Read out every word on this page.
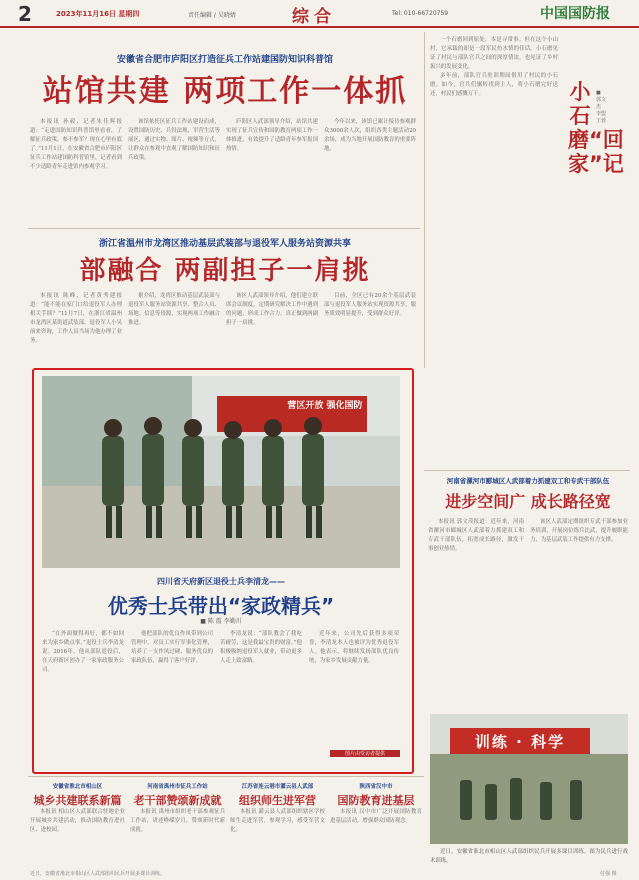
2	2023年11月16日 星期四	责任编辑 / 吴晓婧	综合	Tel: 010-66720759	中国国防报
安徽省合肥市庐阳区打造征兵工作站建国防知识科普馆
站馆共建 两项工作一体抓

本报讯 孙毅、记者朱佳辉报道：“走进国防知识科普馆里看看，了解征兵政策，参不参军？现在心里有底了。”11月1日，在安徽省合肥市庐阳区征兵工作站建国防科普馆里，记者看到不少适龄青年走进馆内参观学习。

该馆依托区征兵工作站建设而成，设置国防历史、兵役法规、军营生活等展区，通过实物、图片、视频等方式，让群众在参观中直观了解国防知识和征兵政策。

庐阳区人武部领导介绍，站馆共建实现了征兵宣传和国防教育两项工作一体推进，有效提升了适龄青年参军报国热情。

今年以来，该馆已累计接待参观群众3000余人次，组织各类主题活动20余场，成为当地开展国防教育的重要阵地。

浙江省温州市龙湾区推动基层武装部与退役军人服务站资源共享
部融合 两副担子一肩挑

本报讯 陈峰、记者黄秀建报道：“能不能在家门口给退役军人办理相关手续？”11月7日，在浙江省温州市龙湾区某街道武装部，退役军人小吴前来咨询，工作人员当场为他办理了业务。

据介绍，龙湾区推动基层武装部与退役军人服务站资源共享，整合人员、场地、信息等资源，实现两项工作融合推进。

该区人武部领导介绍，他们建立联席会议制度，定期研究解决工作中遇到的问题，形成工作合力，真正做到两副担子一肩挑。

目前，全区已有20余个基层武装部与退役军人服务站实现资源共享，服务质效明显提升，受到群众好评。

一个石磨回到原处，本是寻常事。但在这个小山村，它承载的却是一段军民鱼水情的佳话。小石磨见证了村民与部队官兵之间的深厚情谊，也见证了乡村振兴的发展变化。

多年前，部队官兵驻训期间借用了村民的小石磨。如今，官兵们辗转找到主人，将小石磨完好送还，村民们感慨万千。	小石磨“回家”记
■ 郭文杰 李盟 王蓉
营区开放 强化国防
四川省天府新区退役士兵李清龙——
优秀士兵带出“家政精兵”
■ 陈 霞 李勤川

“在外面做得再好，都不如回来为家乡做点事。”退役士兵李清龙说。2016年，他从部队退役后，在天府新区创办了一家家政服务公司。

他把部队的优良作风带到公司管理中，对员工实行军事化管理，培养了一支作风过硬、服务优良的家政队伍，赢得了客户好评。

李清龙说：“部队教会了我吃苦耐劳，这是我最宝贵的财富。”他积极吸纳退役军人就业，带动更多人走上致富路。

近年来，公司先后获得多项荣誉，李清龙本人也被评为优秀退役军人。他表示，将继续发扬部队优良传统，为家乡发展贡献力量。

图片由受访者提供
河南省漯河市郾城区人武部着力抓建双工和专武干部队伍
进步空间广 成长路径宽

本报讯 郭文茂报道：近年来，河南省漯河市郾城区人武部着力抓建双工和专武干部队伍，拓宽成长路径，激发干事创业热情。

该区人武部定期组织专武干部参加业务培训，开展岗位练兵比武，提升履职能力，为基层武装工作提供有力支撑。

训练 · 科学

近日，安徽省淮北市相山区人武部组织民兵开展多课目训练。图为民兵进行战术训练。

安徽省淮北市相山区
城乡共建联系新篇

本报讯 相山区人武部联合驻地企业开展城乡共建活动，推动国防教育进社区、进校园。

河南省禹州市征兵工作站
老干部赞颂新成就

本报讯 禹州市组织老干部参观征兵工作站，讲述峥嵘岁月，赞颂新时代新成就。

江苏省连云港市灌云县人武部
组织师生进军营

本报讯 灌云县人武部组织辖区学校师生走进军营，参观学习，感受军营文化。

陕西省汉中市
国防教育进基层

本报讯 汉中市广泛开展国防教育进基层活动，增强群众国防观念。

近日，安徽省淮北市相山区人武部组织民兵开展多课目训练。	付强 摄
